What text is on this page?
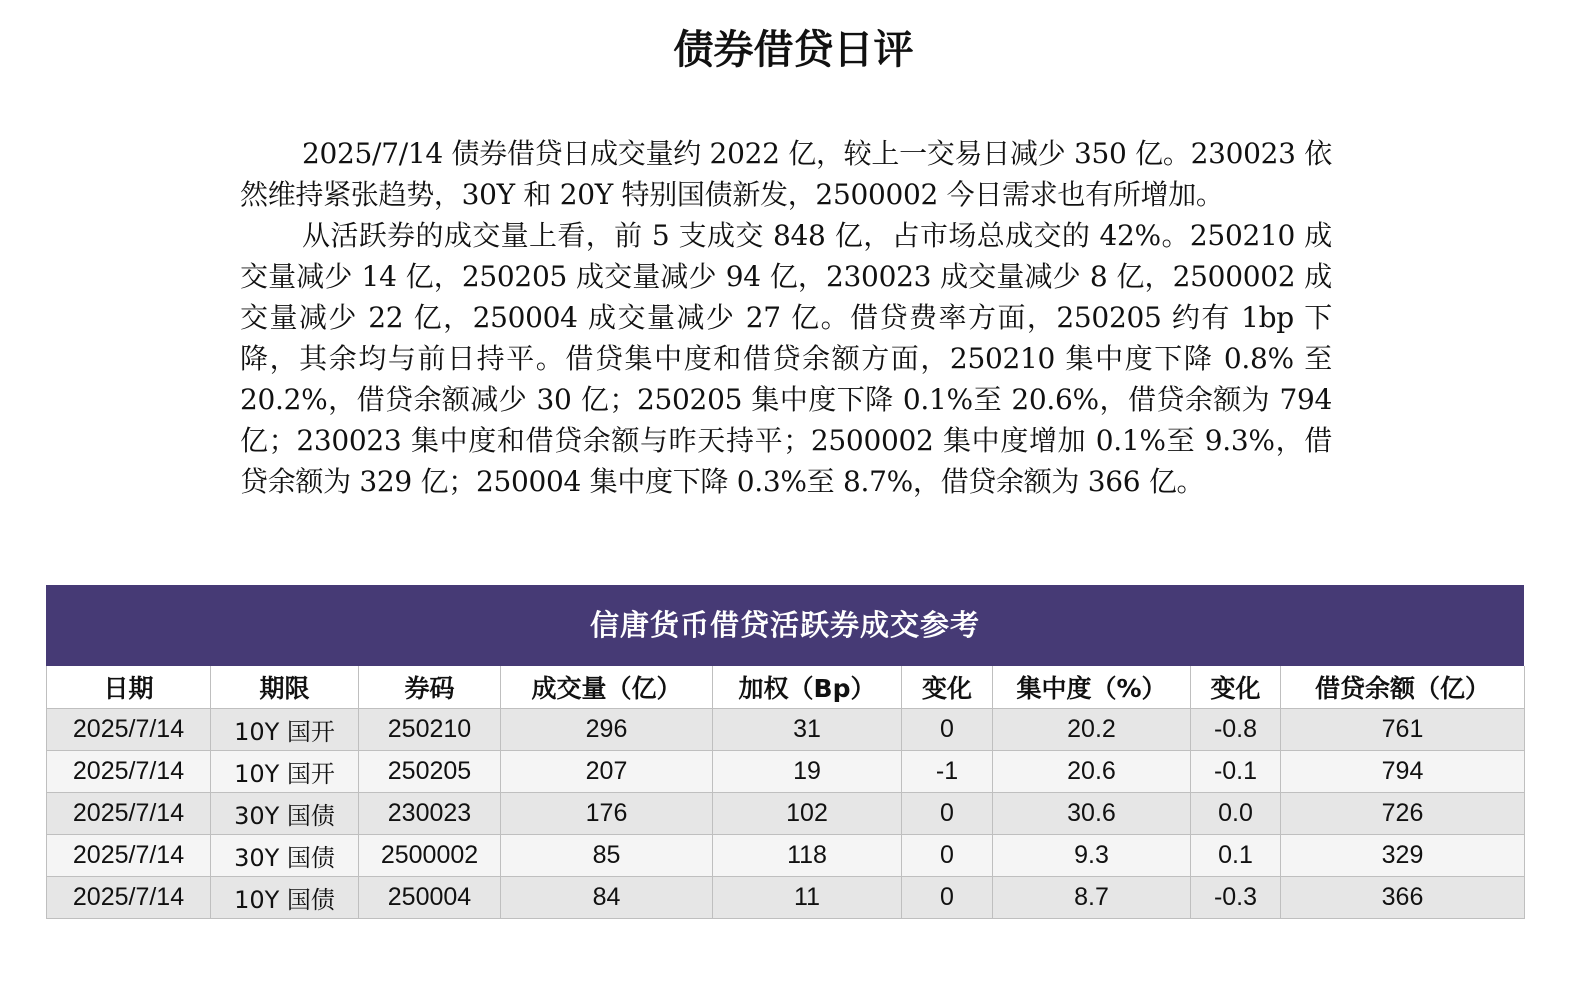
债券借贷日评

2025/7/14 债券借贷日成交量约 2022 亿，较上一交易日减少 350 亿。230023 依然维持紧张趋势，30Y 和 20Y 特别国债新发，2500002 今日需求也有所增加。

从活跃券的成交量上看，前 5 支成交 848 亿，占市场总成交的 42%。250210 成交量减少 14 亿，250205 成交量减少 94 亿，230023 成交量减少 8 亿，2500002 成交量减少 22 亿，250004 成交量减少 27 亿。借贷费率方面，250205 约有 1bp 下降，其余均与前日持平。借贷集中度和借贷余额方面，250210 集中度下降 0.8% 至 20.2%，借贷余额减少 30 亿；250205 集中度下降 0.1%至 20.6%，借贷余额为 794 亿；230023 集中度和借贷余额与昨天持平；2500002 集中度增加 0.1%至 9.3%，借贷余额为 329 亿；250004 集中度下降 0.3%至 8.7%，借贷余额为 366 亿。

信唐货币借贷活跃券成交参考
日期	期限	券码	成交量（亿）	加权（Bp）	变化	集中度（%）	变化	借贷余额（亿）
2025/7/14	10Y 国开	250210	296	31	0	20.2	-0.8	761
2025/7/14	10Y 国开	250205	207	19	-1	20.6	-0.1	794
2025/7/14	30Y 国债	230023	176	102	0	30.6	0.0	726
2025/7/14	30Y 国债	2500002	85	118	0	9.3	0.1	329
2025/7/14	10Y 国债	250004	84	11	0	8.7	-0.3	366
